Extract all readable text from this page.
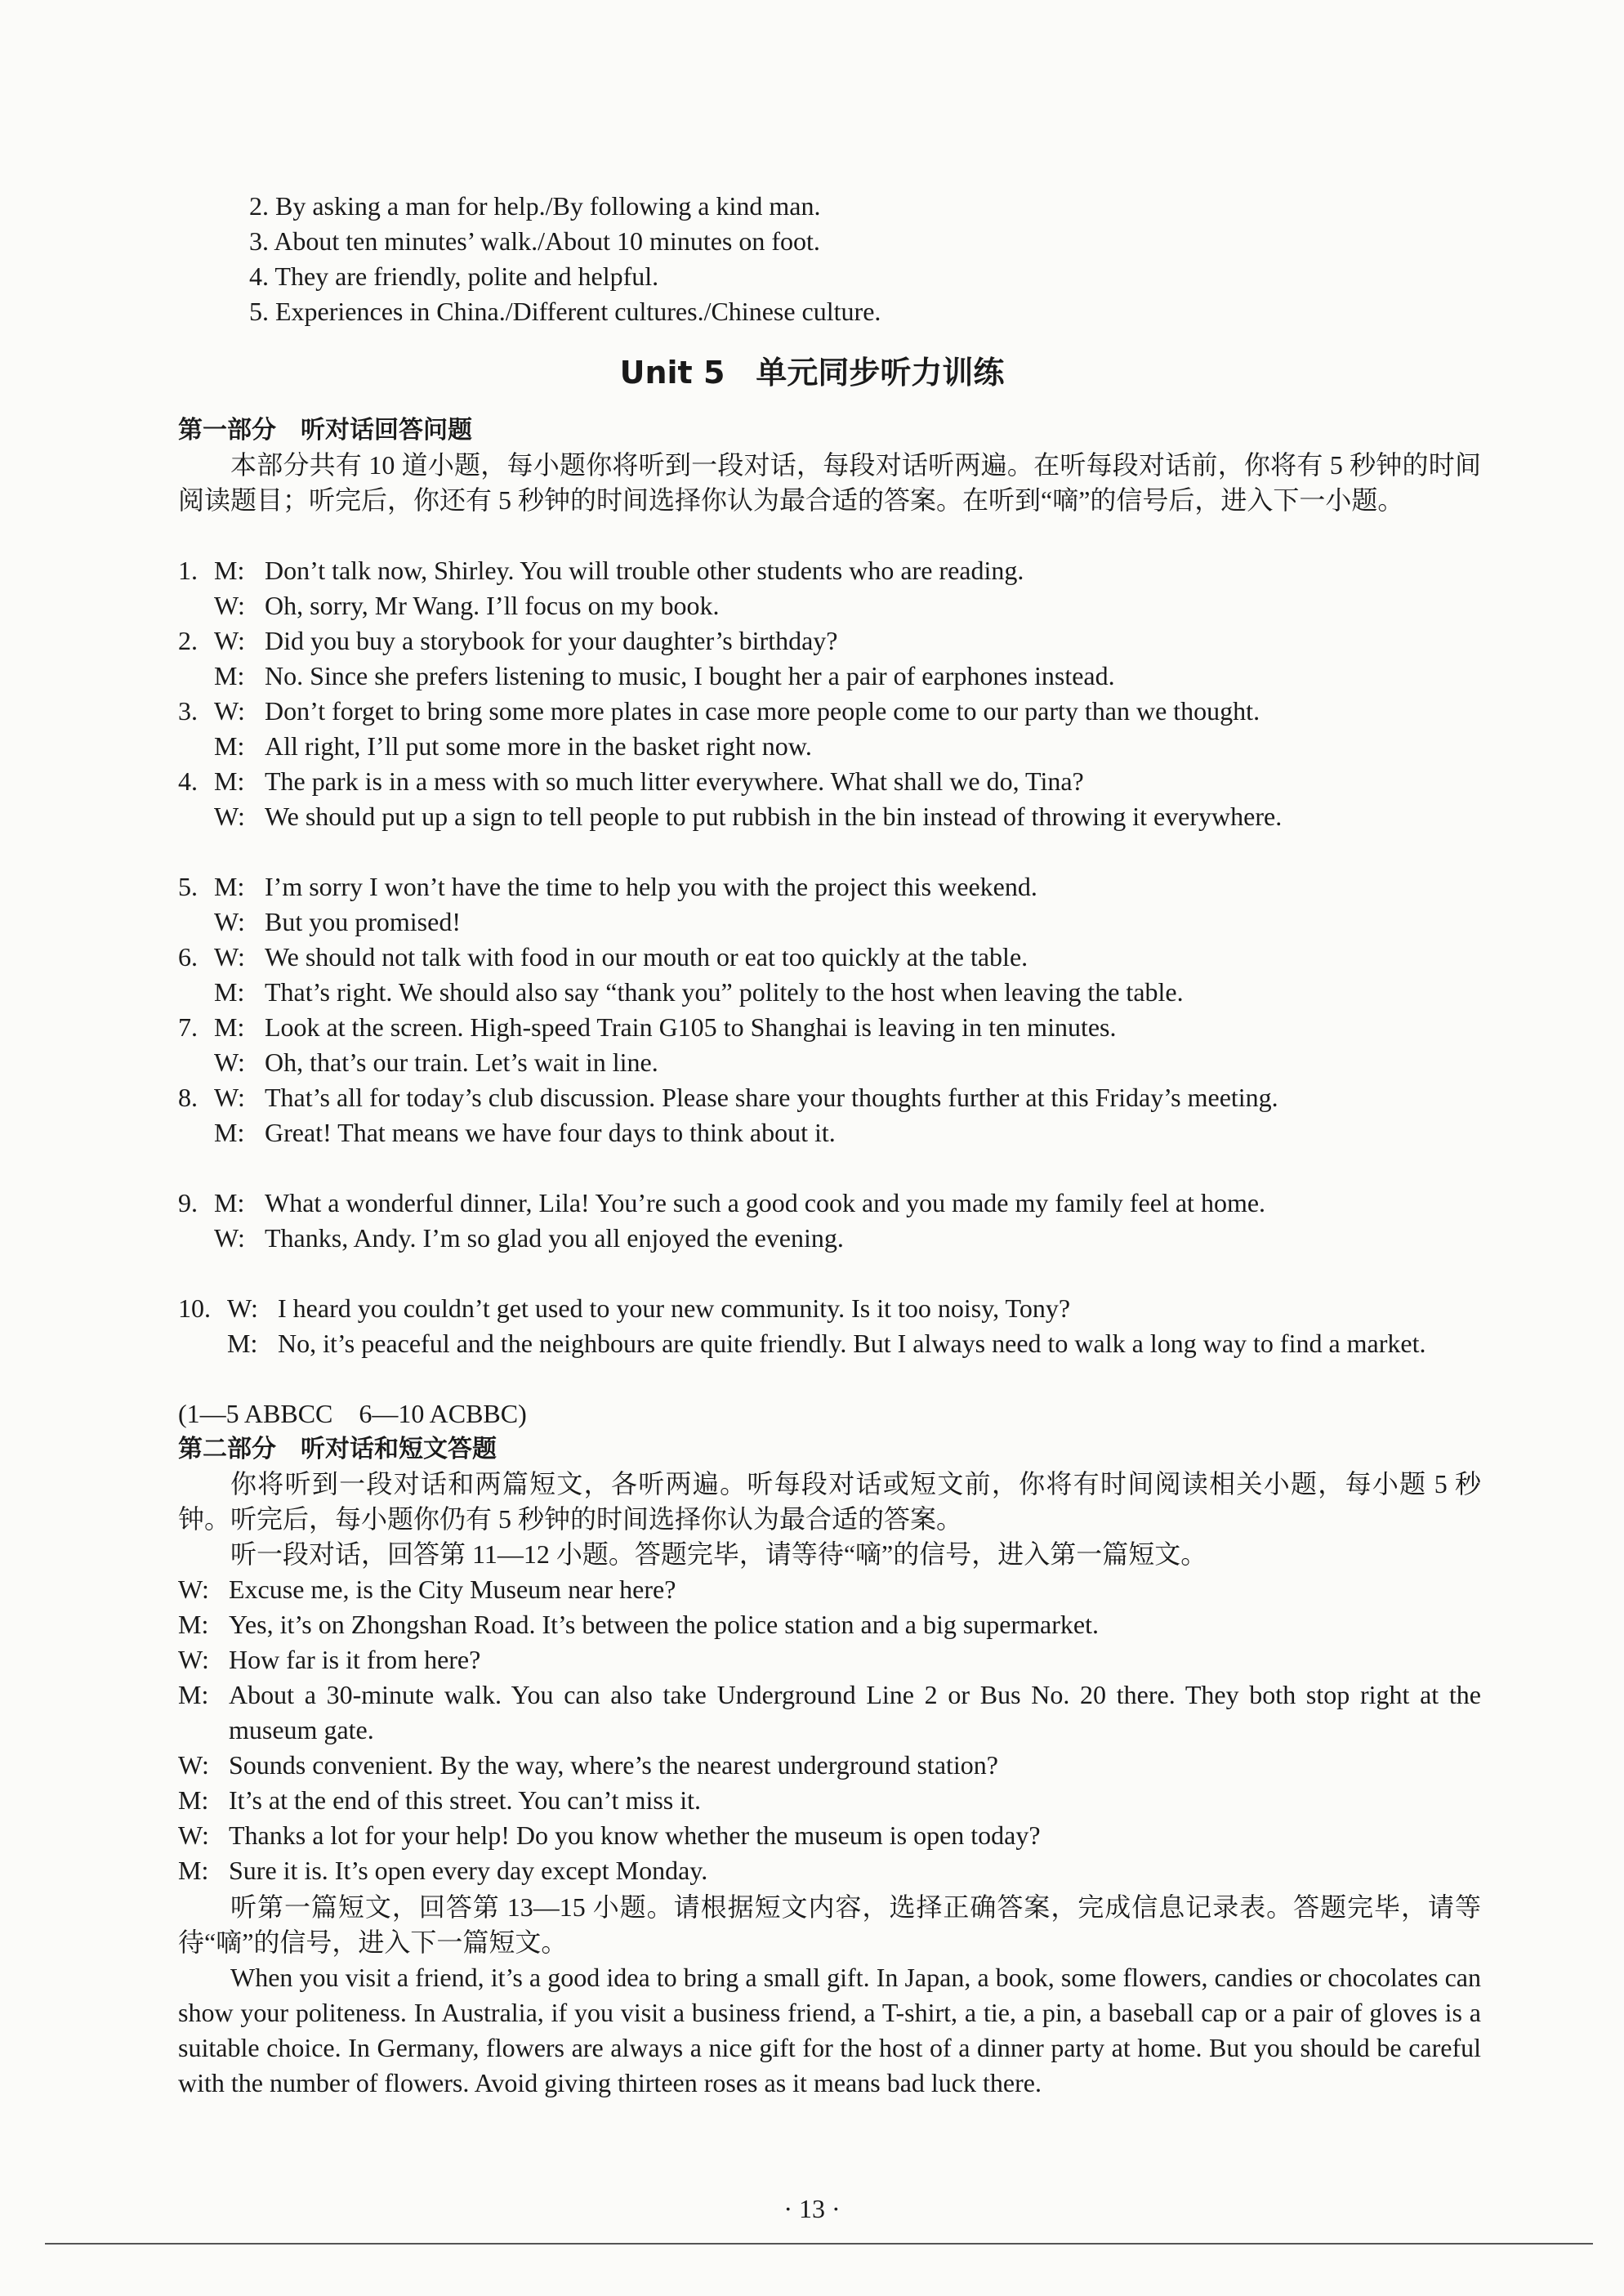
2. By asking a man for help./By following a kind man.
3. About ten minutes’ walk./About 10 minutes on foot.
4. They are friendly, polite and helpful.
5. Experiences in China./Different cultures./Chinese culture.
Unit 5　单元同步听力训练
第一部分　听对话回答问题
本部分共有 10 道小题，每小题你将听到一段对话，每段对话听两遍。在听每段对话前，你将有 5 秒钟的时间阅读题目；听完后，你还有 5 秒钟的时间选择你认为最合适的答案。在听到“嘀”的信号后，进入下一小题。
1. M: Don’t talk now, Shirley. You will trouble other students who are reading.
W: Oh, sorry, Mr Wang. I’ll focus on my book.
2. W: Did you buy a storybook for your daughter’s birthday?
M: No. Since she prefers listening to music, I bought her a pair of earphones instead.
3. W: Don’t forget to bring some more plates in case more people come to our party than we thought.
M: All right, I’ll put some more in the basket right now.
4. M: The park is in a mess with so much litter everywhere. What shall we do, Tina?
W: We should put up a sign to tell people to put rubbish in the bin instead of throwing it everywhere.
5. M: I’m sorry I won’t have the time to help you with the project this weekend.
W: But you promised!
6. W: We should not talk with food in our mouth or eat too quickly at the table.
M: That’s right. We should also say “thank you” politely to the host when leaving the table.
7. M: Look at the screen. High-speed Train G105 to Shanghai is leaving in ten minutes.
W: Oh, that’s our train. Let’s wait in line.
8. W: That’s all for today’s club discussion. Please share your thoughts further at this Friday’s meeting.
M: Great! That means we have four days to think about it.
9. M: What a wonderful dinner, Lila! You’re such a good cook and you made my family feel at home.
W: Thanks, Andy. I’m so glad you all enjoyed the evening.
10. W: I heard you couldn’t get used to your new community. Is it too noisy, Tony?
M: No, it’s peaceful and the neighbours are quite friendly. But I always need to walk a long way to find a market.
(1—5 ABBCC　6—10 ACBBC)
第二部分　听对话和短文答题
你将听到一段对话和两篇短文，各听两遍。听每段对话或短文前，你将有时间阅读相关小题，每小题 5 秒钟。听完后，每小题你仍有 5 秒钟的时间选择你认为最合适的答案。
听一段对话，回答第 11—12 小题。答题完毕，请等待“嘀”的信号，进入第一篇短文。
W: Excuse me, is the City Museum near here?
M: Yes, it’s on Zhongshan Road. It’s between the police station and a big supermarket.
W: How far is it from here?
M: About a 30-minute walk. You can also take Underground Line 2 or Bus No. 20 there. They both stop right at the museum gate.
W: Sounds convenient. By the way, where’s the nearest underground station?
M: It’s at the end of this street. You can’t miss it.
W: Thanks a lot for your help! Do you know whether the museum is open today?
M: Sure it is. It’s open every day except Monday.
听第一篇短文，回答第 13—15 小题。请根据短文内容，选择正确答案，完成信息记录表。答题完毕，请等待“嘀”的信号，进入下一篇短文。
When you visit a friend, it’s a good idea to bring a small gift. In Japan, a book, some flowers, candies or chocolates can show your politeness. In Australia, if you visit a business friend, a T-shirt, a tie, a pin, a baseball cap or a pair of gloves is a suitable choice. In Germany, flowers are always a nice gift for the host of a dinner party at home. But you should be careful with the number of flowers. Avoid giving thirteen roses as it means bad luck there.
· 13 ·
